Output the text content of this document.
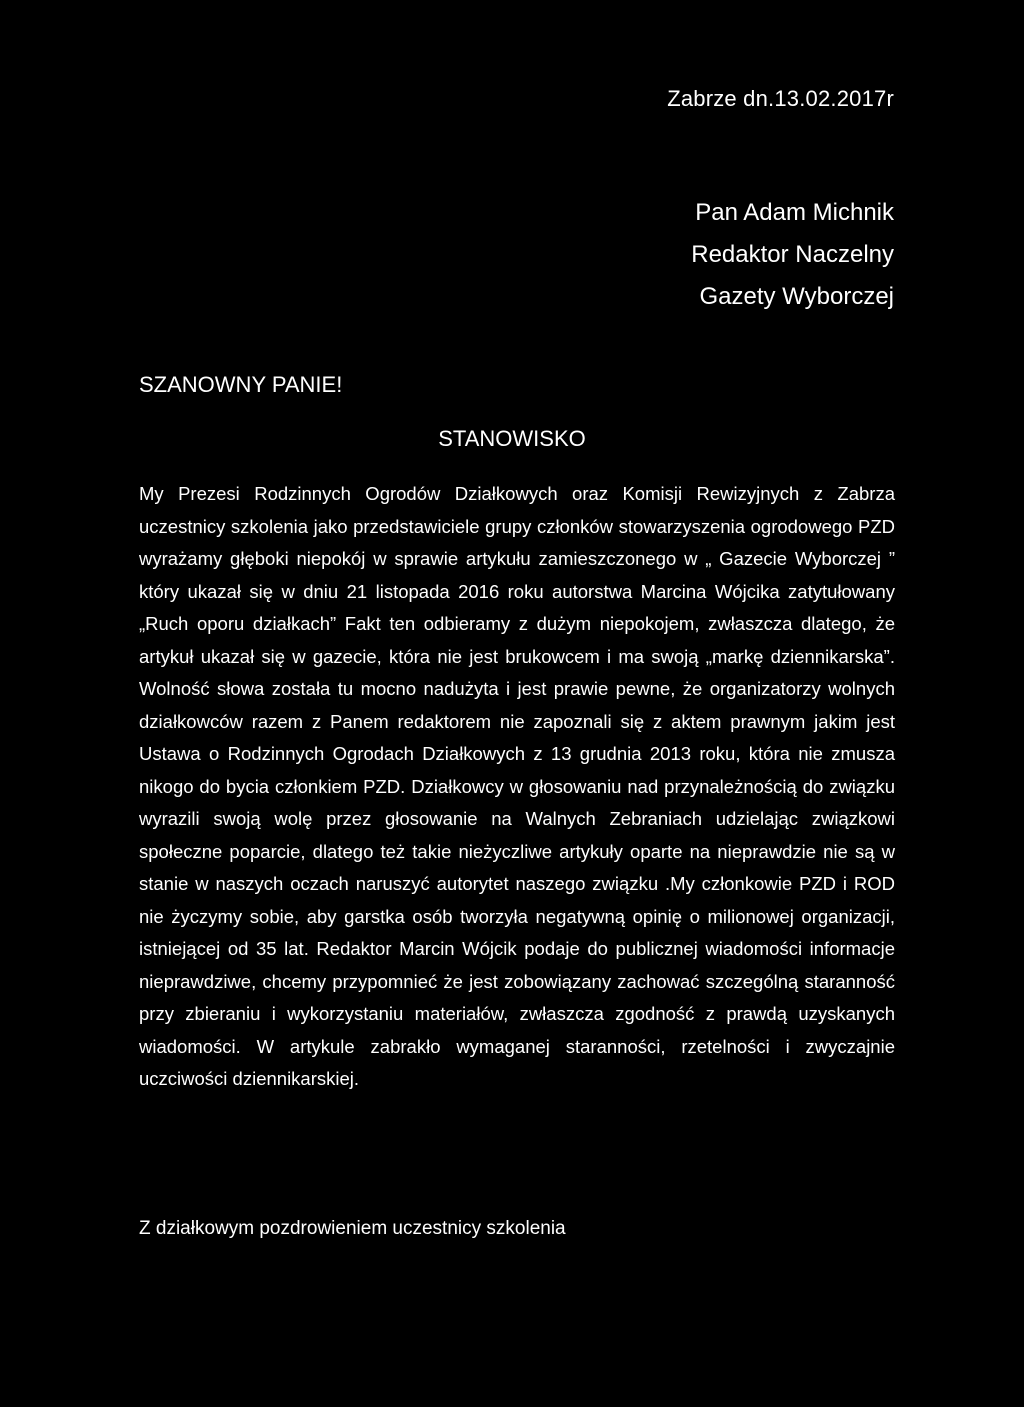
Zabrze dn.13.02.2017r
Pan Adam Michnik
Redaktor Naczelny
Gazety Wyborczej
SZANOWNY PANIE!
STANOWISKO

My Prezesi Rodzinnych Ogrodów Działkowych oraz Komisji Rewizyjnych z Zabrza uczestnicy szkolenia jako przedstawiciele grupy członków stowarzyszenia ogrodowego PZD wyrażamy głęboki niepokój w sprawie artykułu zamieszczonego w „ Gazecie Wyborczej ” który ukazał się w dniu 21 listopada 2016 roku autorstwa Marcina Wójcika zatytułowany „Ruch oporu działkach” Fakt ten odbieramy z dużym niepokojem, zwłaszcza dlatego, że artykuł ukazał się w gazecie, która nie jest brukowcem i ma swoją „markę dziennikarska”. Wolność słowa została tu mocno nadużyta i jest prawie pewne, że organizatorzy wolnych działkowców razem z Panem redaktorem nie zapoznali się z aktem prawnym jakim jest Ustawa o Rodzinnych Ogrodach Działkowych z 13 grudnia 2013 roku, która nie zmusza nikogo do bycia członkiem PZD. Działkowcy w głosowaniu nad przynależnością do związku wyrazili swoją wolę przez głosowanie na Walnych Zebraniach udzielając związkowi społeczne poparcie, dlatego też takie nieżyczliwe artykuły oparte na nieprawdzie nie są w stanie w naszych oczach naruszyć autorytet naszego związku .My członkowie PZD i ROD nie życzymy sobie, aby garstka osób tworzyła negatywną opinię o milionowej organizacji, istniejącej od 35 lat. Redaktor Marcin Wójcik podaje do publicznej wiadomości informacje nieprawdziwe, chcemy przypomnieć że jest zobowiązany zachować szczególną staranność przy zbieraniu i wykorzystaniu materiałów, zwłaszcza zgodność z prawdą uzyskanych wiadomości. W artykule zabrakło wymaganej staranności, rzetelności i zwyczajnie uczciwości dziennikarskiej.

Z działkowym pozdrowieniem uczestnicy szkolenia
